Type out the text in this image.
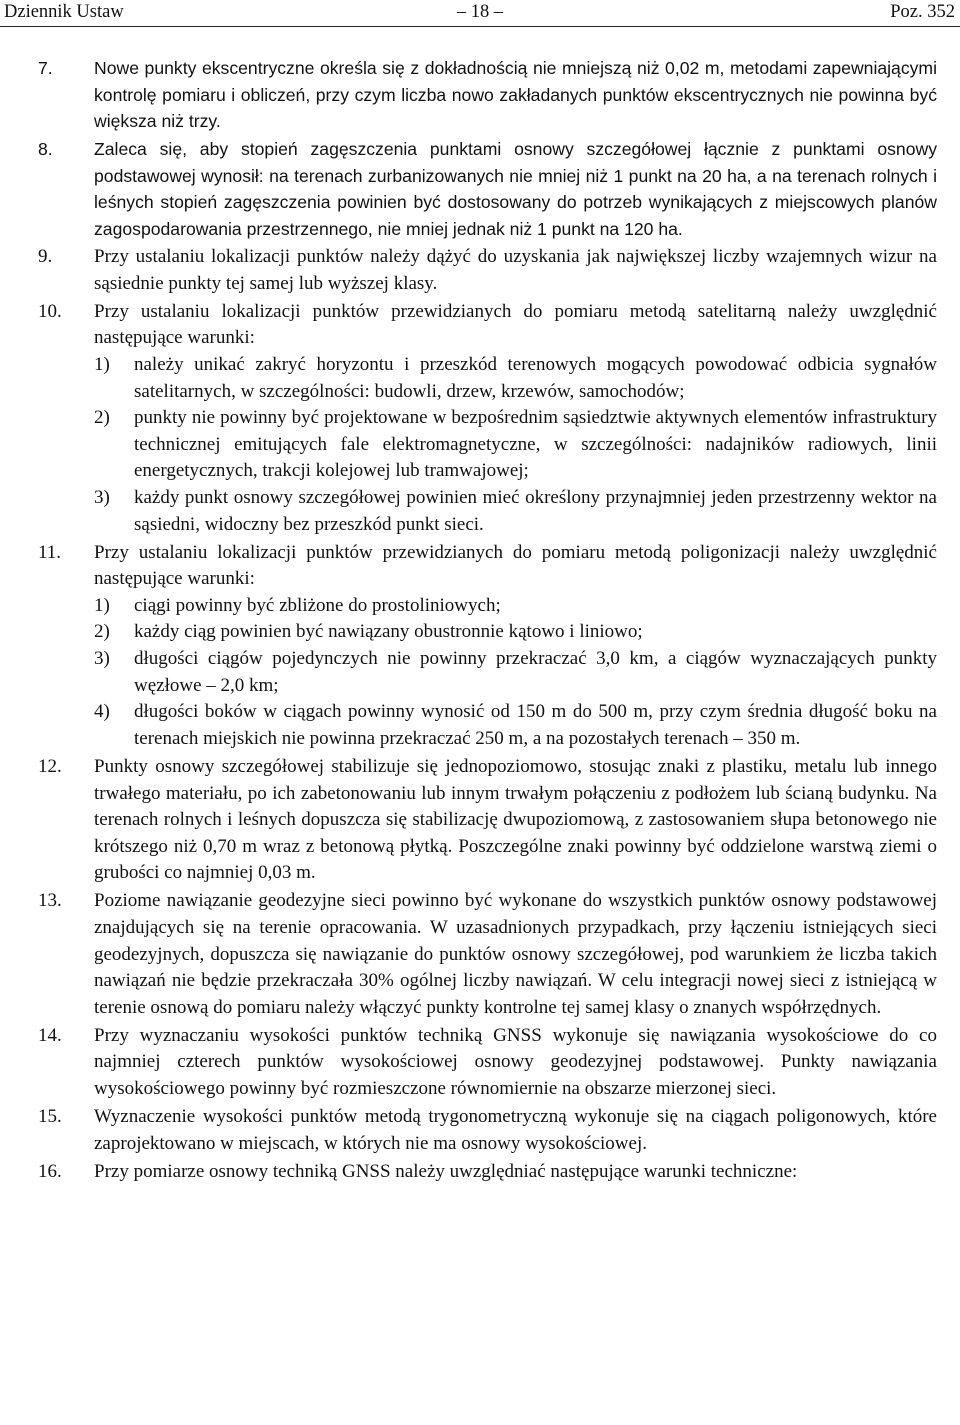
Dziennik Ustaw	– 18 –	Poz. 352
7. Nowe punkty ekscentryczne określa się z dokładnością nie mniejszą niż 0,02 m, metodami zapewniającymi kontrolę pomiaru i obliczeń, przy czym liczba nowo zakładanych punktów ekscentrycznych nie powinna być większa niż trzy.
8. Zaleca się, aby stopień zagęszczenia punktami osnowy szczegółowej łącznie z punktami osnowy podstawowej wynosił: na terenach zurbanizowanych nie mniej niż 1 punkt na 20 ha, a na terenach rolnych i leśnych stopień zagęszczenia powinien być dostosowany do potrzeb wynikających z miejscowych planów zagospodarowania przestrzennego, nie mniej jednak niż 1 punkt na 120 ha.
9. Przy ustalaniu lokalizacji punktów należy dążyć do uzyskania jak największej liczby wzajemnych wizur na sąsiednie punkty tej samej lub wyższej klasy.
10. Przy ustalaniu lokalizacji punktów przewidzianych do pomiaru metodą satelitarną należy uwzględnić następujące warunki:
1) należy unikać zakryć horyzontu i przeszkód terenowych mogących powodować odbicia sygnałów satelitarnych, w szczególności: budowli, drzew, krzewów, samochodów;
2) punkty nie powinny być projektowane w bezpośrednim sąsiedztwie aktywnych elementów infrastruktury technicznej emitujących fale elektromagnetyczne, w szczególności: nadajników radiowych, linii energetycznych, trakcji kolejowej lub tramwajowej;
3) każdy punkt osnowy szczegółowej powinien mieć określony przynajmniej jeden przestrzenny wektor na sąsiedni, widoczny bez przeszkód punkt sieci.
11. Przy ustalaniu lokalizacji punktów przewidzianych do pomiaru metodą poligonizacji należy uwzględnić następujące warunki:
1) ciągi powinny być zbliżone do prostoliniowych;
2) każdy ciąg powinien być nawiązany obustronnie kątowo i liniowo;
3) długości ciągów pojedynczych nie powinny przekraczać 3,0 km, a ciągów wyznaczających punkty węzłowe – 2,0 km;
4) długości boków w ciągach powinny wynosić od 150 m do 500 m, przy czym średnia długość boku na terenach miejskich nie powinna przekraczać 250 m, a na pozostałych terenach – 350 m.
12. Punkty osnowy szczegółowej stabilizuje się jednopoziomowo, stosując znaki z plastiku, metalu lub innego trwałego materiału, po ich zabetonowaniu lub innym trwałym połączeniu z podłożem lub ścianą budynku. Na terenach rolnych i leśnych dopuszcza się stabilizację dwupoziomową, z zastosowaniem słupa betonowego nie krótszego niż 0,70 m wraz z betonową płytką. Poszczególne znaki powinny być oddzielone warstwą ziemi o grubości co najmniej 0,03 m.
13. Poziome nawiązanie geodezyjne sieci powinno być wykonane do wszystkich punktów osnowy podstawowej znajdujących się na terenie opracowania. W uzasadnionych przypadkach, przy łączeniu istniejących sieci geodezyjnych, dopuszcza się nawiązanie do punktów osnowy szczegółowej, pod warunkiem że liczba takich nawiązań nie będzie przekraczała 30% ogólnej liczby nawiązań. W celu integracji nowej sieci z istniejącą w terenie osnową do pomiaru należy włączyć punkty kontrolne tej samej klasy o znanych współrzędnych.
14. Przy wyznaczaniu wysokości punktów techniką GNSS wykonuje się nawiązania wysokościowe do co najmniej czterech punktów wysokościowej osnowy geodezyjnej podstawowej. Punkty nawiązania wysokościowego powinny być rozmieszczone równomiernie na obszarze mierzonej sieci.
15. Wyznaczenie wysokości punktów metodą trygonometryczną wykonuje się na ciągach poligonowych, które zaprojektowano w miejscach, w których nie ma osnowy wysokościowej.
16. Przy pomiarze osnowy techniką GNSS należy uwzględniać następujące warunki techniczne:
